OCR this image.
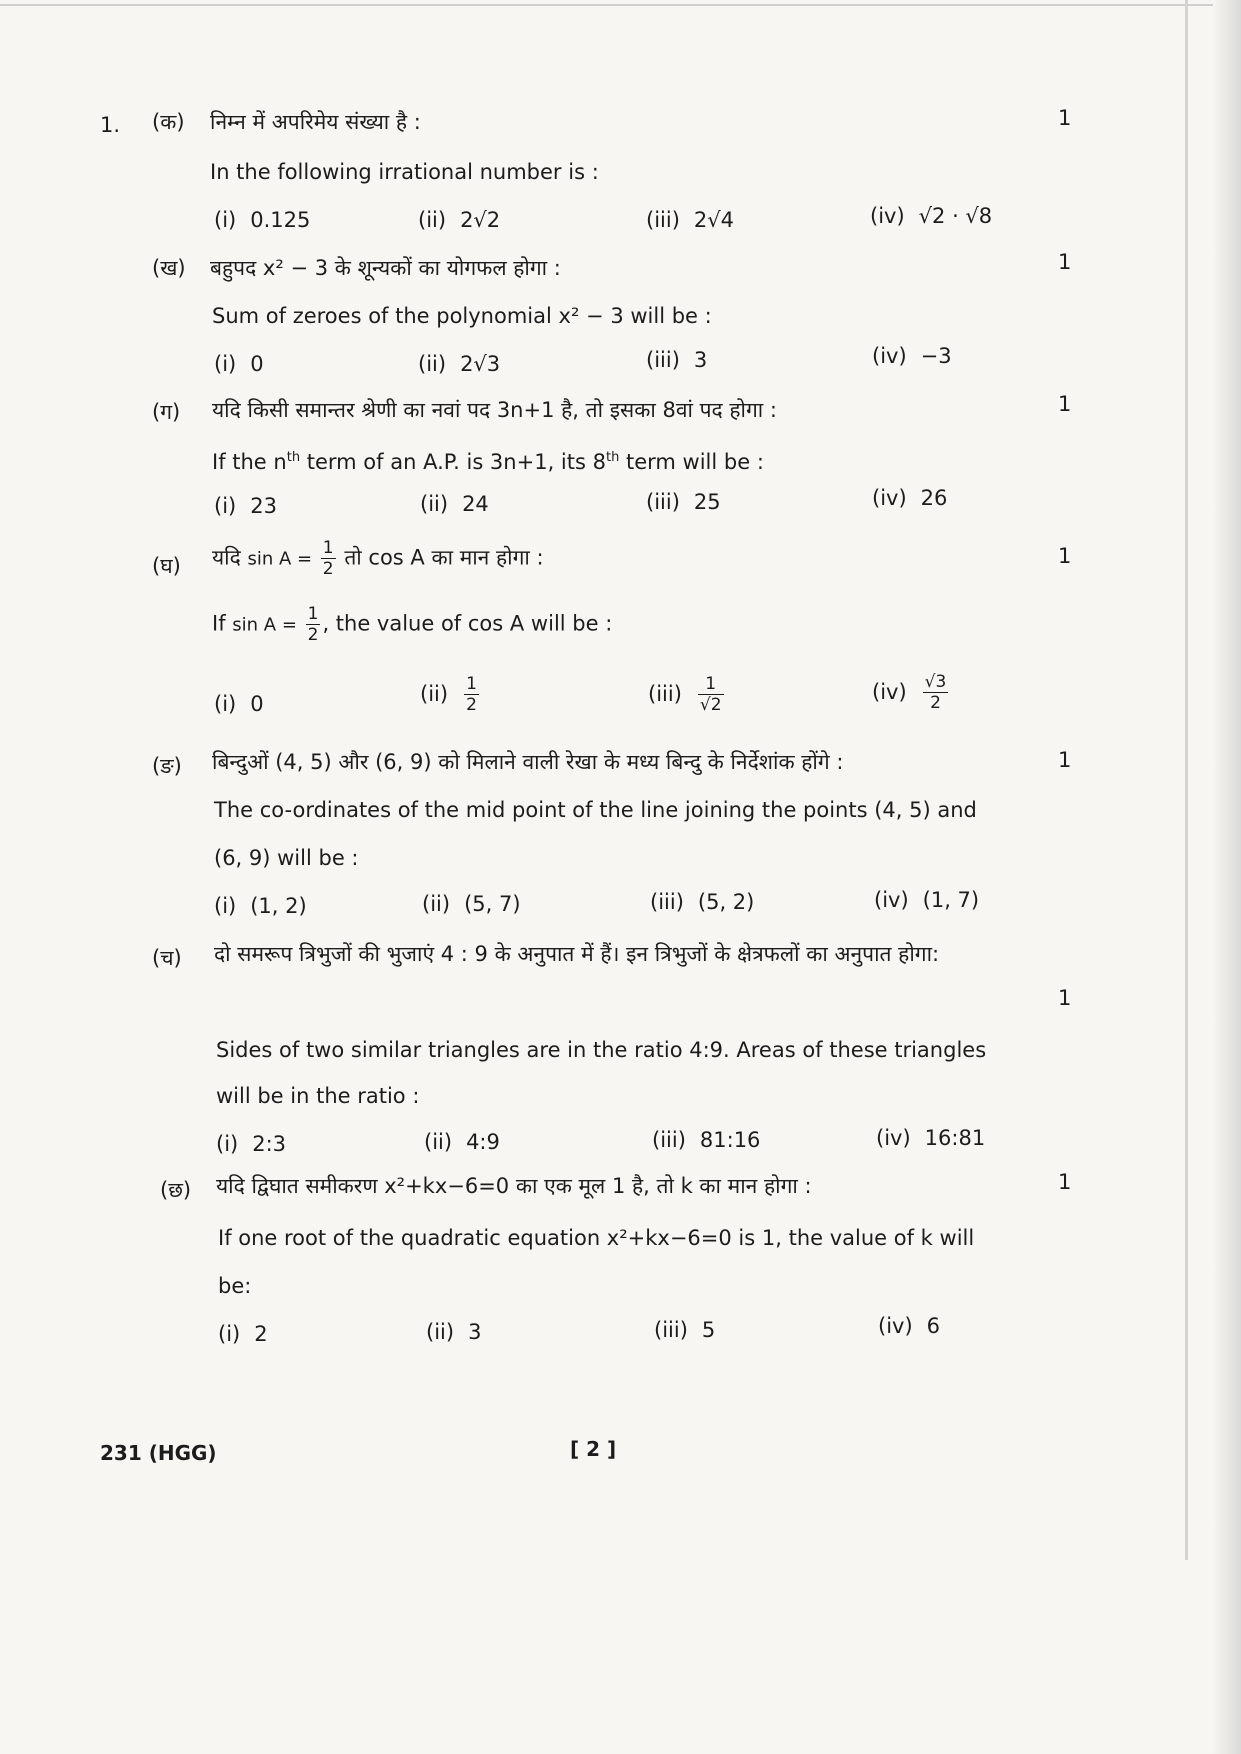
1. (क) निम्न में अपरिमेय संख्या है :	1
In the following irrational number is :
(i) 0.125	(ii) 2√2	(iii) 2√4	(iv) √2 · √8
(ख) बहुपद x² − 3 के शून्यकों का योगफल होगा :	1
Sum of zeroes of the polynomial x² − 3 will be :
(i) 0	(ii) 2√3	(iii) 3	(iv) −3
(ग) यदि किसी समान्तर श्रेणी का नवां पद 3n+1 है, तो इसका 8वां पद होगा :	1
If the $n^{th}$ term of an A.P. is 3n+1, its 8th term will be :
(i) 23	(ii) 24	(iii) 25	(iv) 26
(घ) यदि $\sin A = \frac{1}{2}$ तो cos A का मान होगा :	1
If $\sin A = \frac{1}{2}$ , the value of cos A will be :
(i) 0	$(ii) \frac{1}{2}$	$(iii) \frac{1}{√2}$	$(iv) \frac{√3}{2}$
(ङ) बिन्दुओं (4, 5) और (6, 9) को मिलाने वाली रेखा के मध्य बिन्दु के निर्देशांक होंगे :	1
The co-ordinates of the mid point of the line joining the points (4, 5) and
(6, 9) will be :
(i) (1, 2)	(ii) (5, 7)	(iii) (5, 2)	(iv) (1, 7)
(च) दो समरूप त्रिभुजों की भुजाएं 4 : 9 के अनुपात में हैं। इन त्रिभुजों के क्षेत्रफलों का अनुपात होगा:
1
Sides of two similar triangles are in the ratio 4:9. Areas of these triangles
will be in the ratio :
(i) 2:3	(ii) 4:9	(iii) 81:16	(iv) 16:81
(छ) यदि द्विघात समीकरण x²+kx−6=0 का एक मूल 1 है, तो k का मान होगा :	1
If one root of the quadratic equation x²+kx−6=0 is 1, the value of k will
be:
(i) 2	(ii) 3	(iii) 5	(iv) 6
231 (HGG)	[ 2 ]
